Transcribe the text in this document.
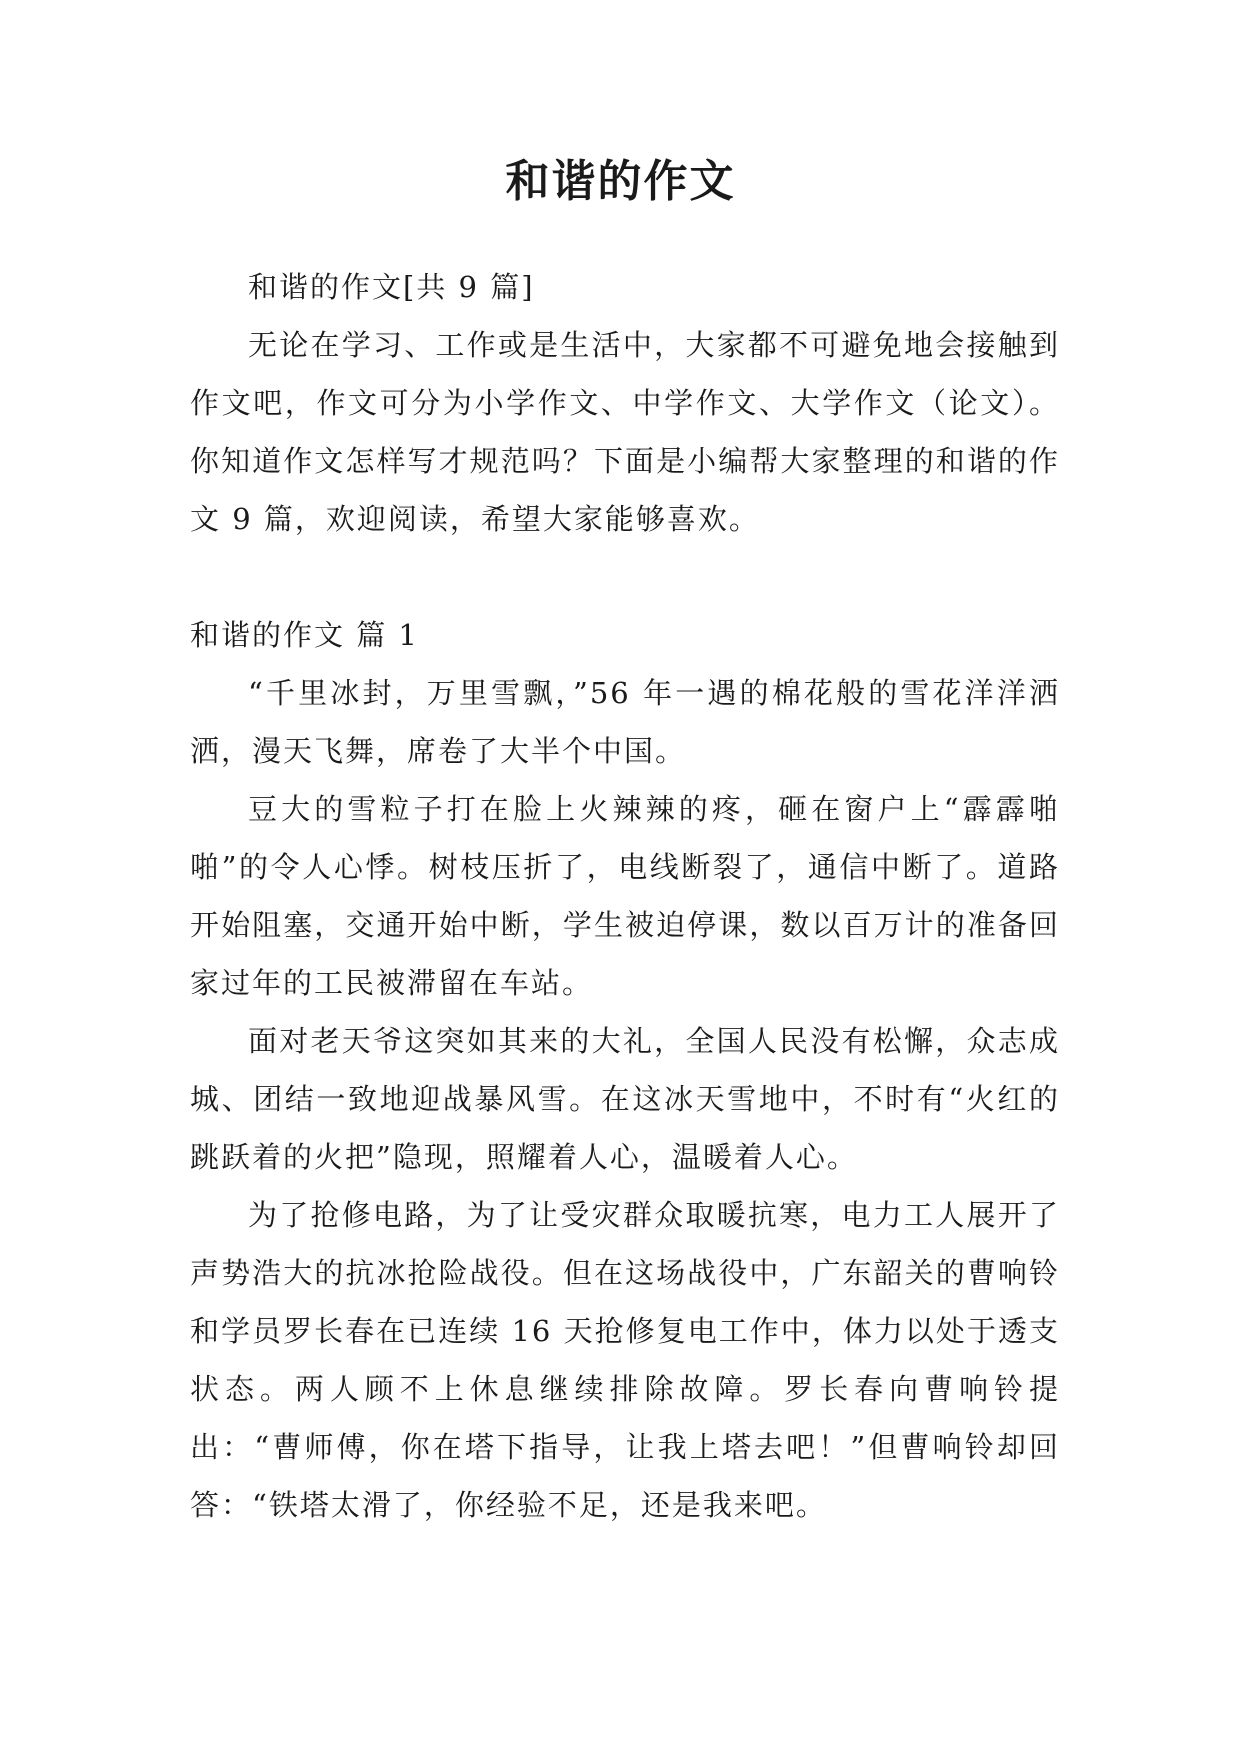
和谐的作文

和谐的作文[共 9 篇]

无论在学习、工作或是生活中，大家都不可避免地会接触到作文吧，作文可分为小学作文、中学作文、大学作文（论文）。你知道作文怎样写才规范吗？下面是小编帮大家整理的和谐的作文 9 篇，欢迎阅读，希望大家能够喜欢。

和谐的作文 篇 1

“千里冰封，万里雪飘，”56 年一遇的棉花般的雪花洋洋洒洒，漫天飞舞，席卷了大半个中国。

豆大的雪粒子打在脸上火辣辣的疼，砸在窗户上“霹霹啪啪”的令人心悸。树枝压折了，电线断裂了，通信中断了。道路开始阻塞，交通开始中断，学生被迫停课，数以百万计的准备回家过年的工民被滞留在车站。

面对老天爷这突如其来的大礼，全国人民没有松懈，众志成城、团结一致地迎战暴风雪。在这冰天雪地中，不时有“火红的跳跃着的火把”隐现，照耀着人心，温暖着人心。

为了抢修电路，为了让受灾群众取暖抗寒，电力工人展开了声势浩大的抗冰抢险战役。但在这场战役中，广东韶关的曹响铃和学员罗长春在已连续 16 天抢修复电工作中，体力以处于透支状态。两人顾不上休息继续排除故障。罗长春向曹响铃提出：“曹师傅，你在塔下指导，让我上塔去吧！”但曹响铃却回答：“铁塔太滑了，你经验不足，还是我来吧。
